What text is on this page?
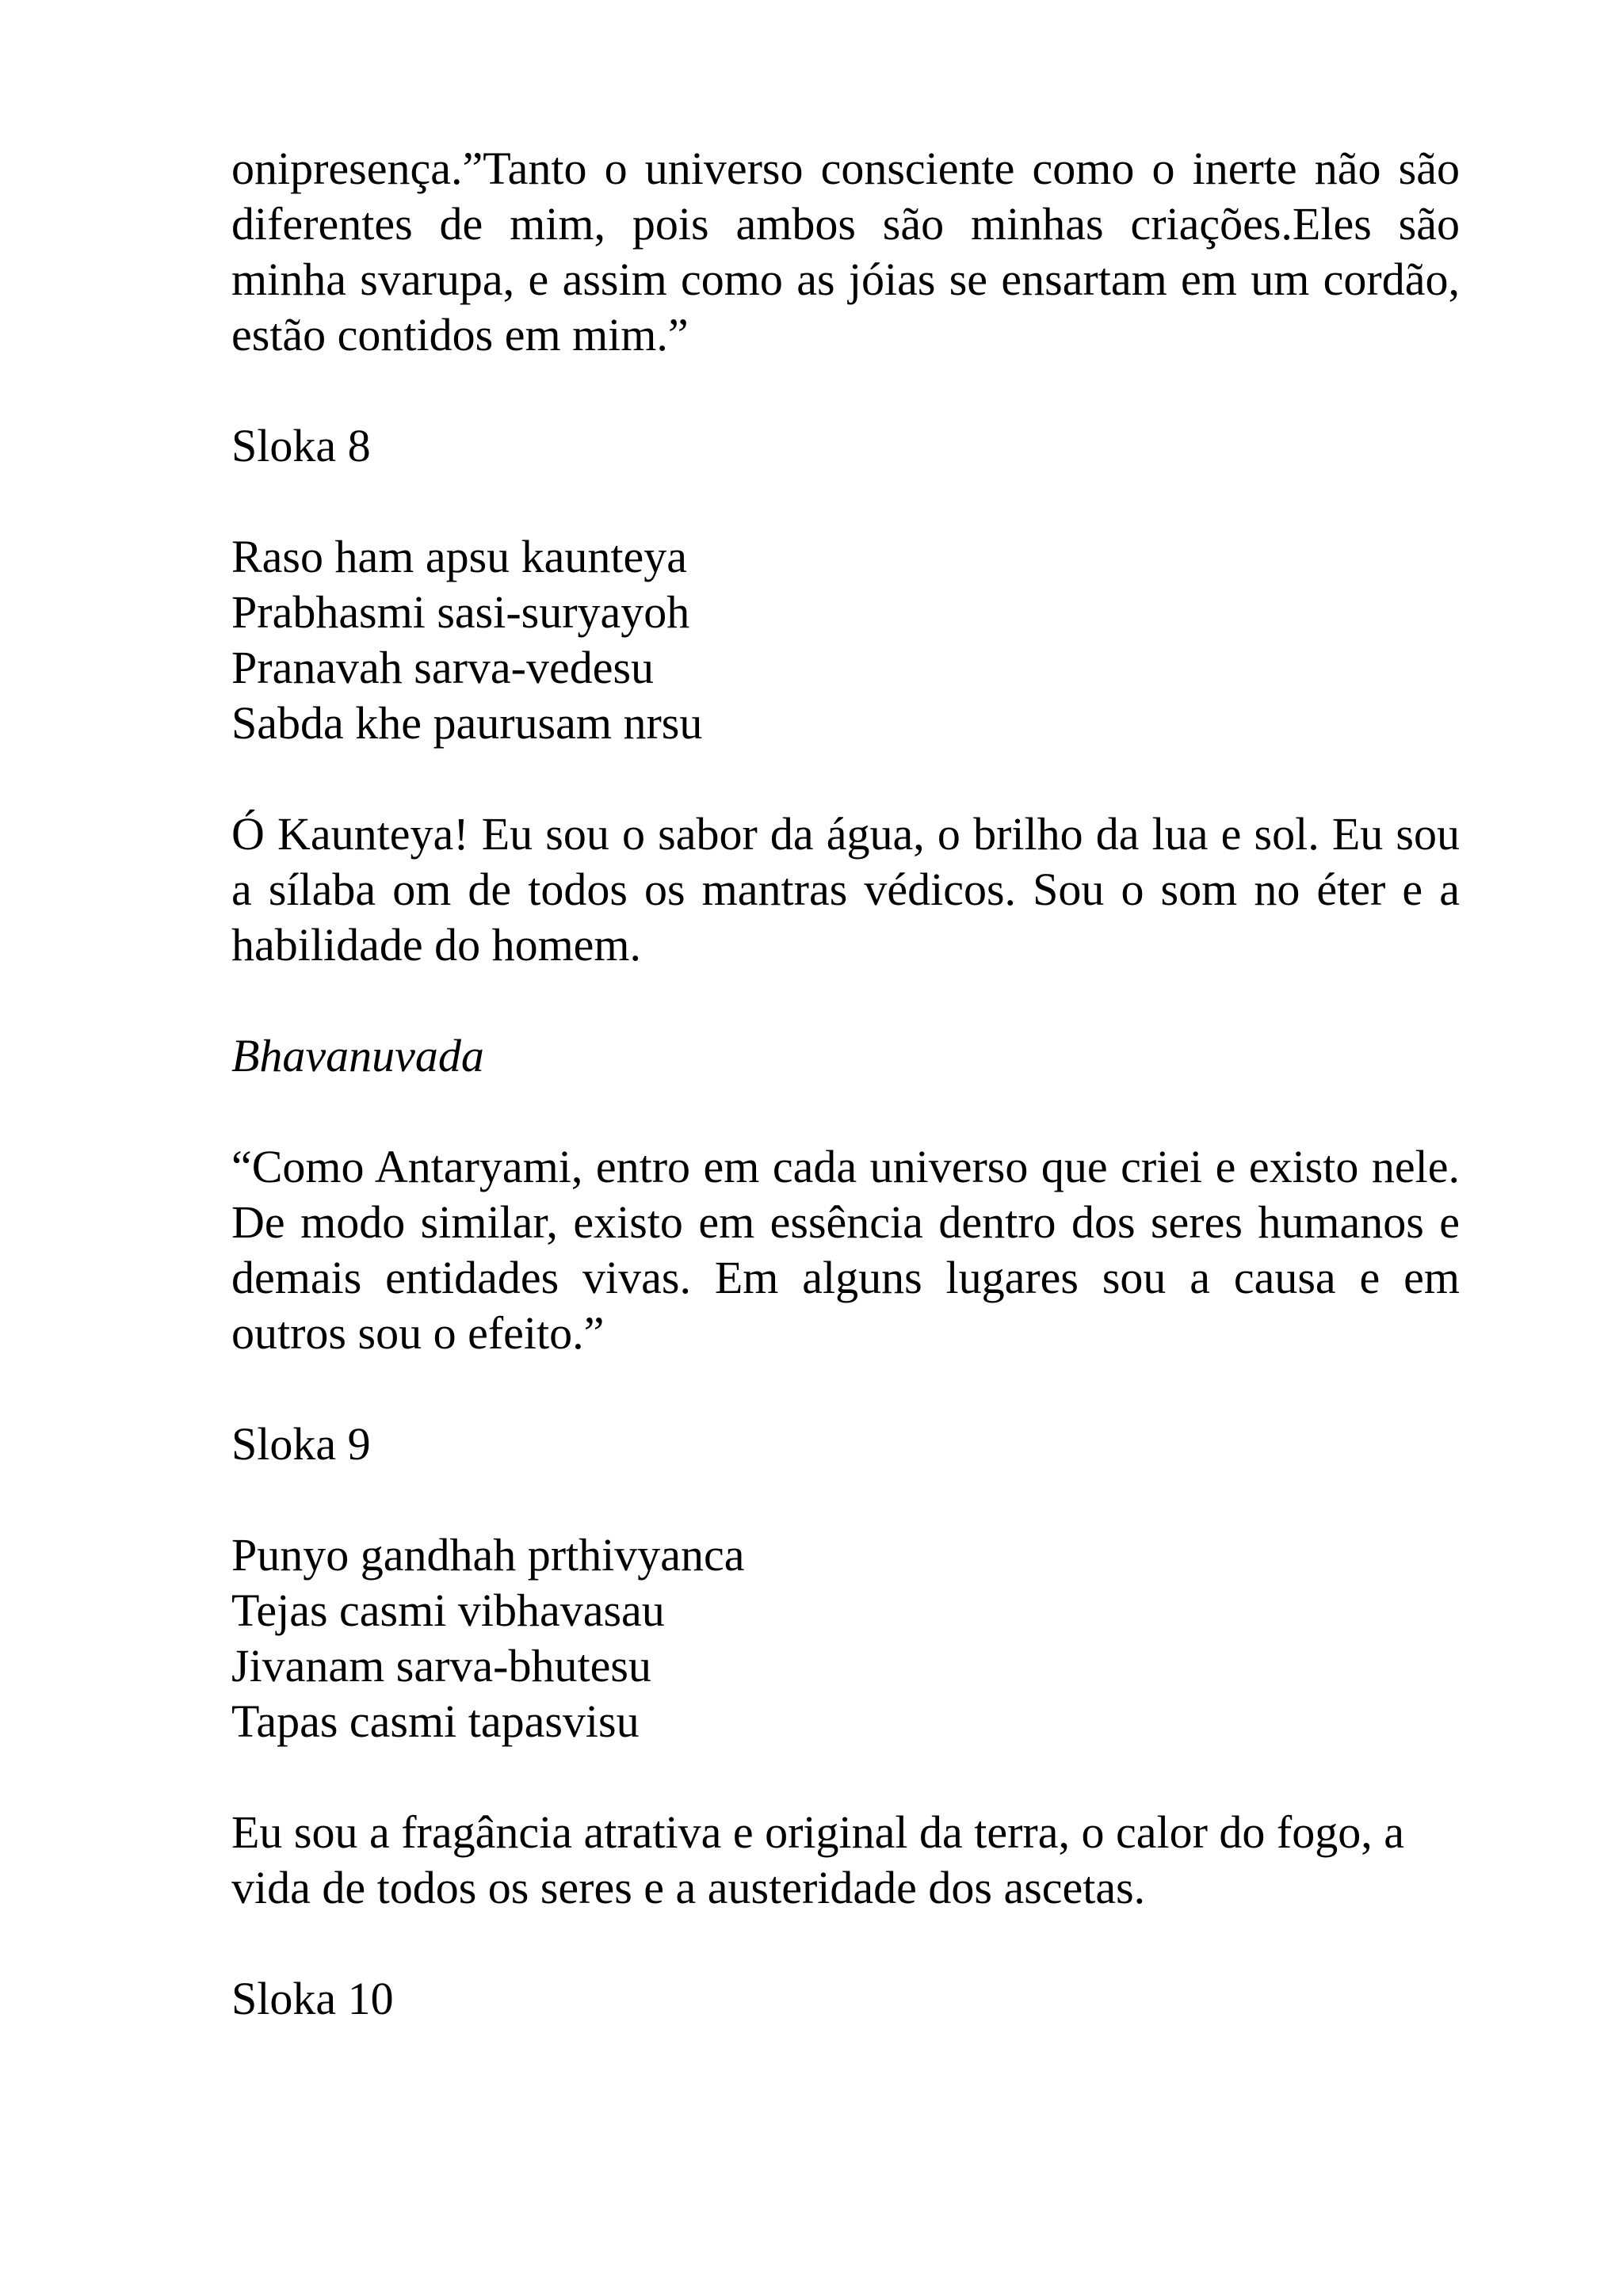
onipresença.”Tanto o universo consciente como o inerte não são diferentes de mim, pois ambos são minhas criações.Eles são minha svarupa, e assim como as jóias se ensartam em um cordão, estão contidos em mim.”

Sloka 8

Raso ham apsu kaunteya
Prabhasmi sasi-suryayoh
Pranavah sarva-vedesu
Sabda khe paurusam nrsu

Ó Kaunteya! Eu sou o sabor da água, o brilho da lua e sol. Eu sou a sílaba om de todos os mantras védicos. Sou o som no éter e a habilidade do homem.

Bhavanuvada

“Como Antaryami, entro em cada universo que criei e existo nele. De modo similar, existo em essência dentro dos seres humanos e demais entidades vivas. Em alguns lugares sou a causa e em outros sou o efeito.”

Sloka 9

Punyo gandhah prthivyanca
Tejas casmi vibhavasau
Jivanam sarva-bhutesu
Tapas casmi tapasvisu

Eu sou a fragância atrativa e original da terra, o calor do fogo, a vida de todos os seres e a austeridade dos ascetas.

Sloka 10
